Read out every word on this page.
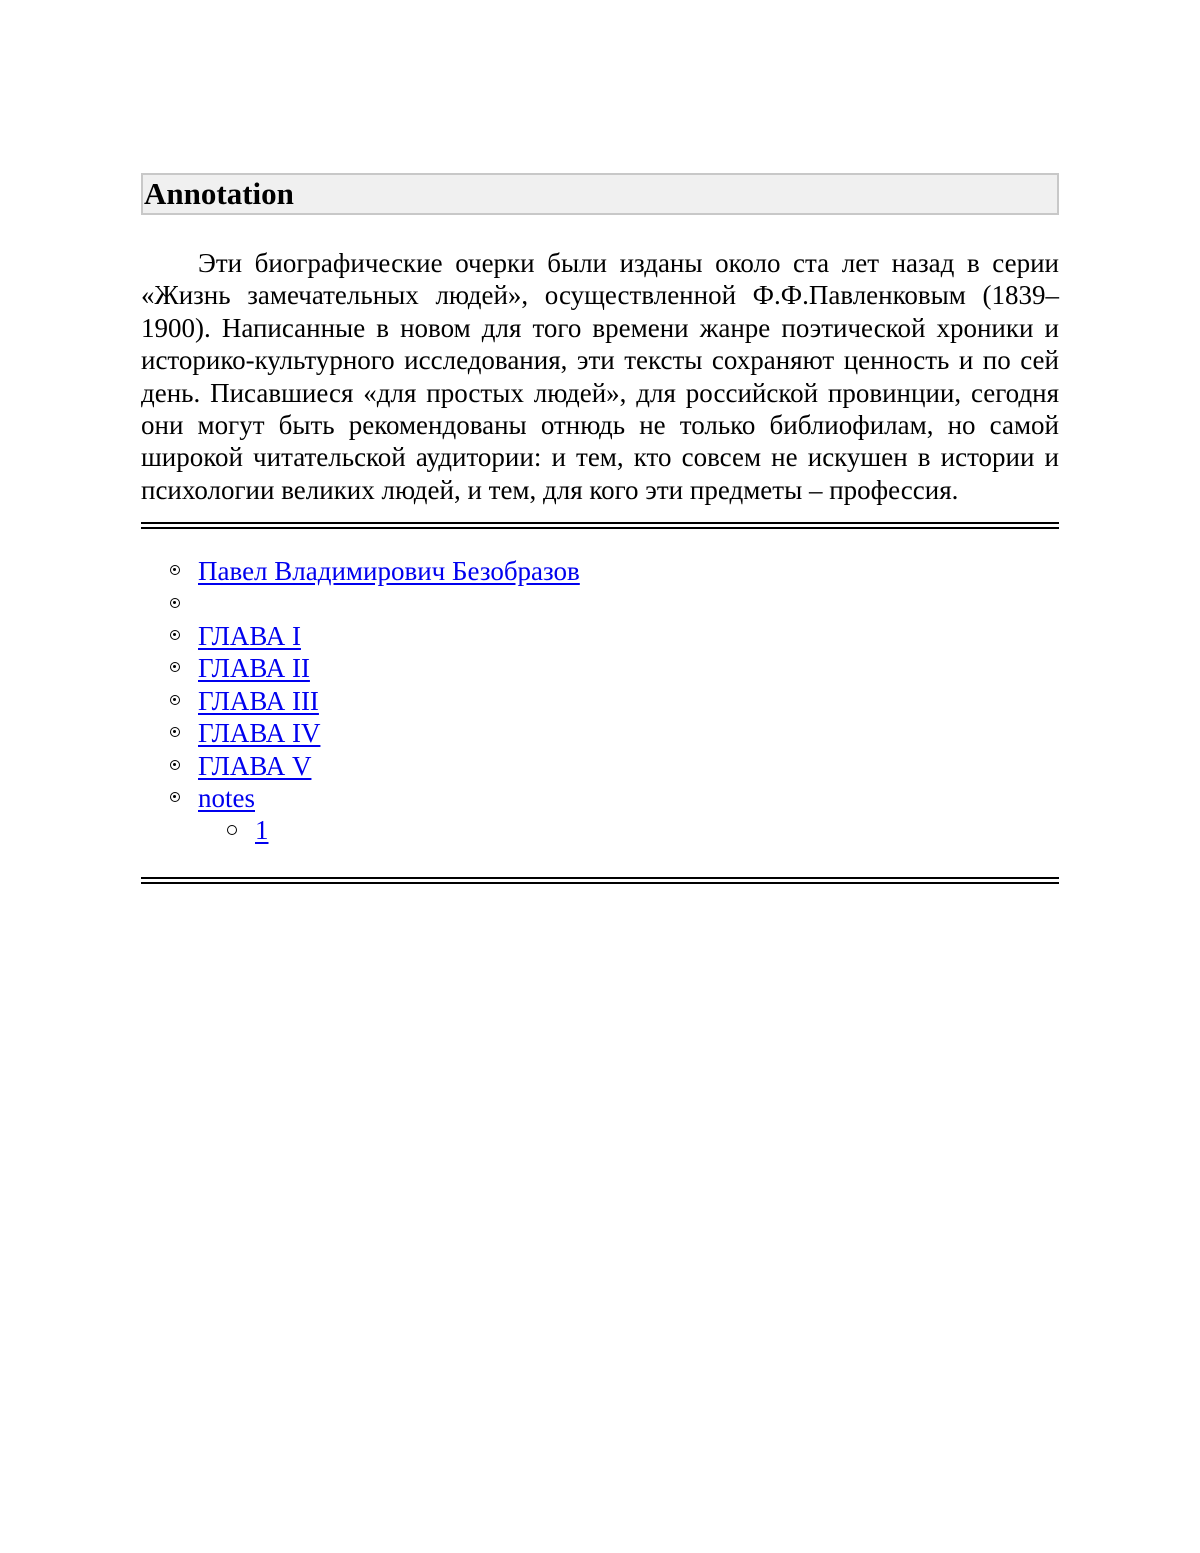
Annotation

Эти биографические очерки были изданы около ста лет назад в серии «Жизнь замечательных людей», осуществленной Ф.Ф.Павленковым (1839–1900). Написанные в новом для того времени жанре поэтической хроники и историко-культурного исследования, эти тексты сохраняют ценность и по сей день. Писавшиеся «для простых людей», для российской провинции, сегодня они могут быть рекомендованы отнюдь не только библиофилам, но самой широкой читательской аудитории: и тем, кто совсем не искушен в истории и психологии великих людей, и тем, для кого эти предметы – профессия.

Павел Владимирович Безобразов
ГЛАВА I
ГЛАВА II
ГЛАВА III
ГЛАВА IV
ГЛАВА V
notes
1
